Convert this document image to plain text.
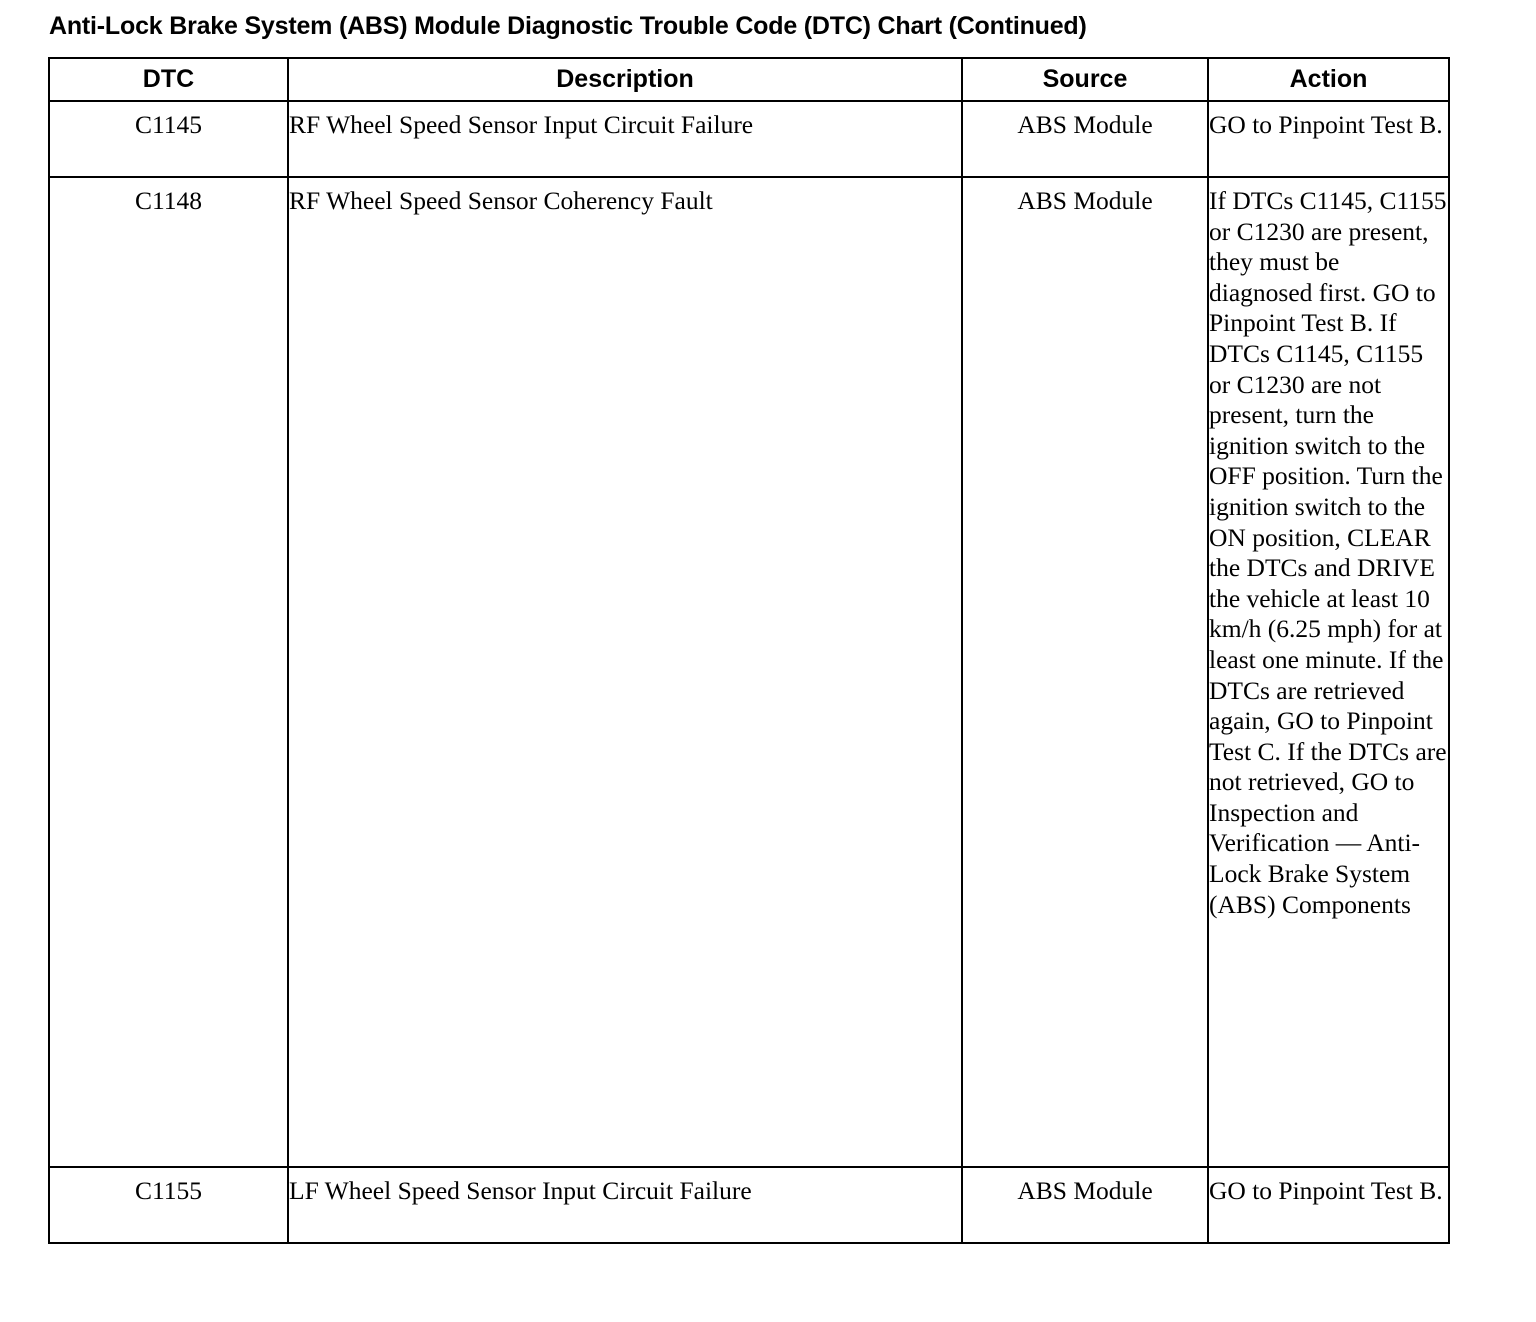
Anti-Lock Brake System (ABS) Module Diagnostic Trouble Code (DTC) Chart (Continued)
DTC	Description	Source	Action
C1145	RF Wheel Speed Sensor Input Circuit Failure	ABS Module	GO to Pinpoint Test B.
C1148	RF Wheel Speed Sensor Coherency Fault	ABS Module	If DTCs C1145, C1155 or C1230 are present, they must be diagnosed first. GO to Pinpoint Test B. If DTCs C1145, C1155 or C1230 are not present, turn the ignition switch to the OFF position. Turn the ignition switch to the ON position, CLEAR the DTCs and DRIVE the vehicle at least 10 km/h (6.25 mph) for at least one minute. If the DTCs are retrieved again, GO to Pinpoint Test C. If the DTCs are not retrieved, GO to Inspection and Verification — Anti-Lock Brake System (ABS) Components
C1155	LF Wheel Speed Sensor Input Circuit Failure	ABS Module	GO to Pinpoint Test B.
